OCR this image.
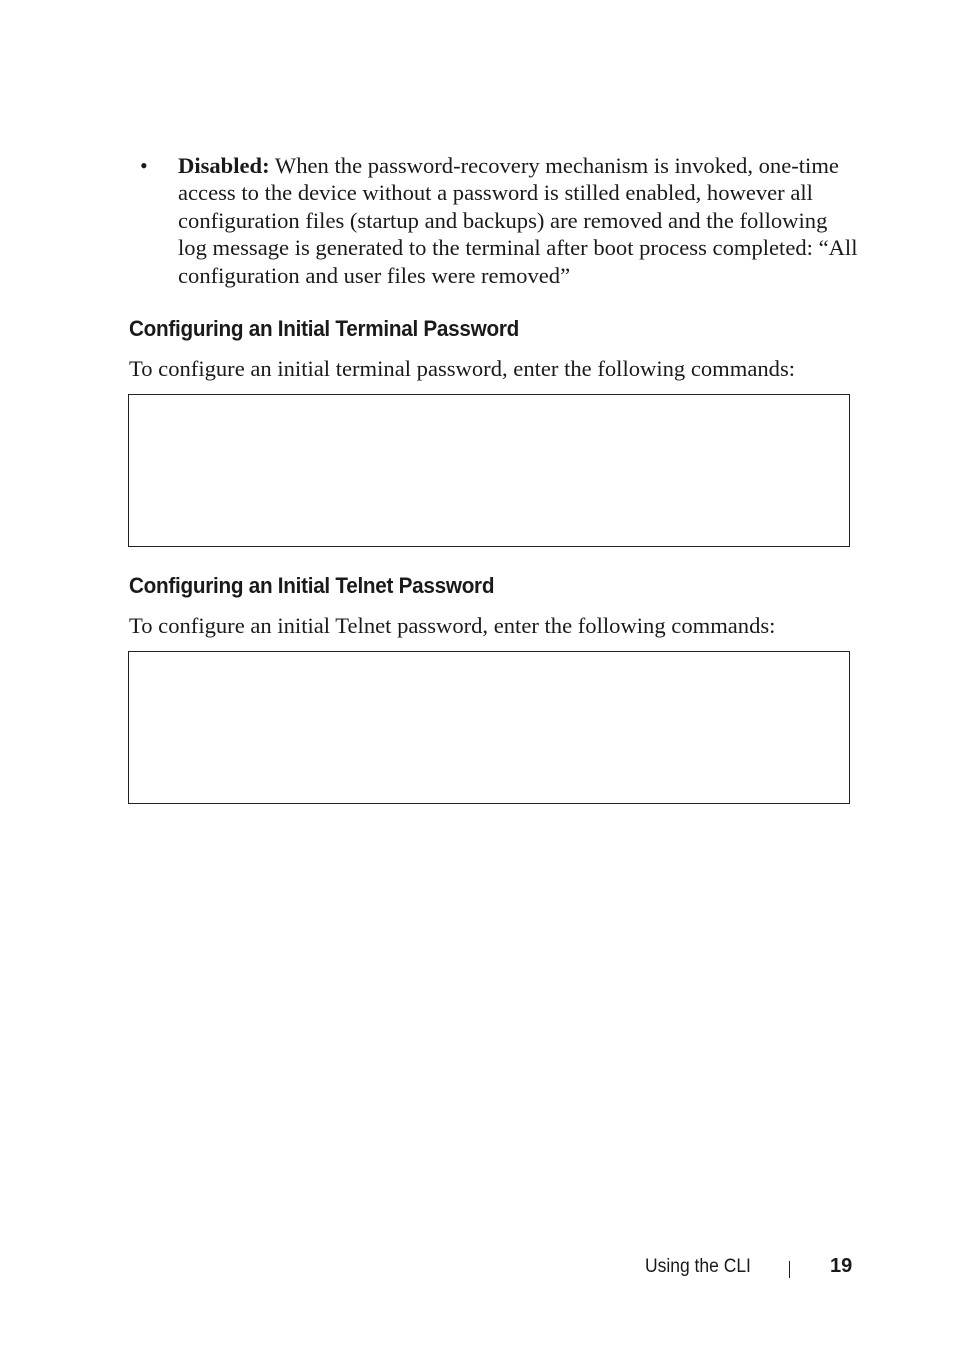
• Disabled: When the password-recovery mechanism is invoked, one-time access to the device without a password is stilled enabled, however all configuration files (startup and backups) are removed and the following log message is generated to the terminal after boot process completed: “All configuration and user files were removed”
Configuring an Initial Terminal Password
To configure an initial terminal password, enter the following commands:
Configuring an Initial Telnet Password
To configure an initial Telnet password, enter the following commands:
Using the CLI	19
